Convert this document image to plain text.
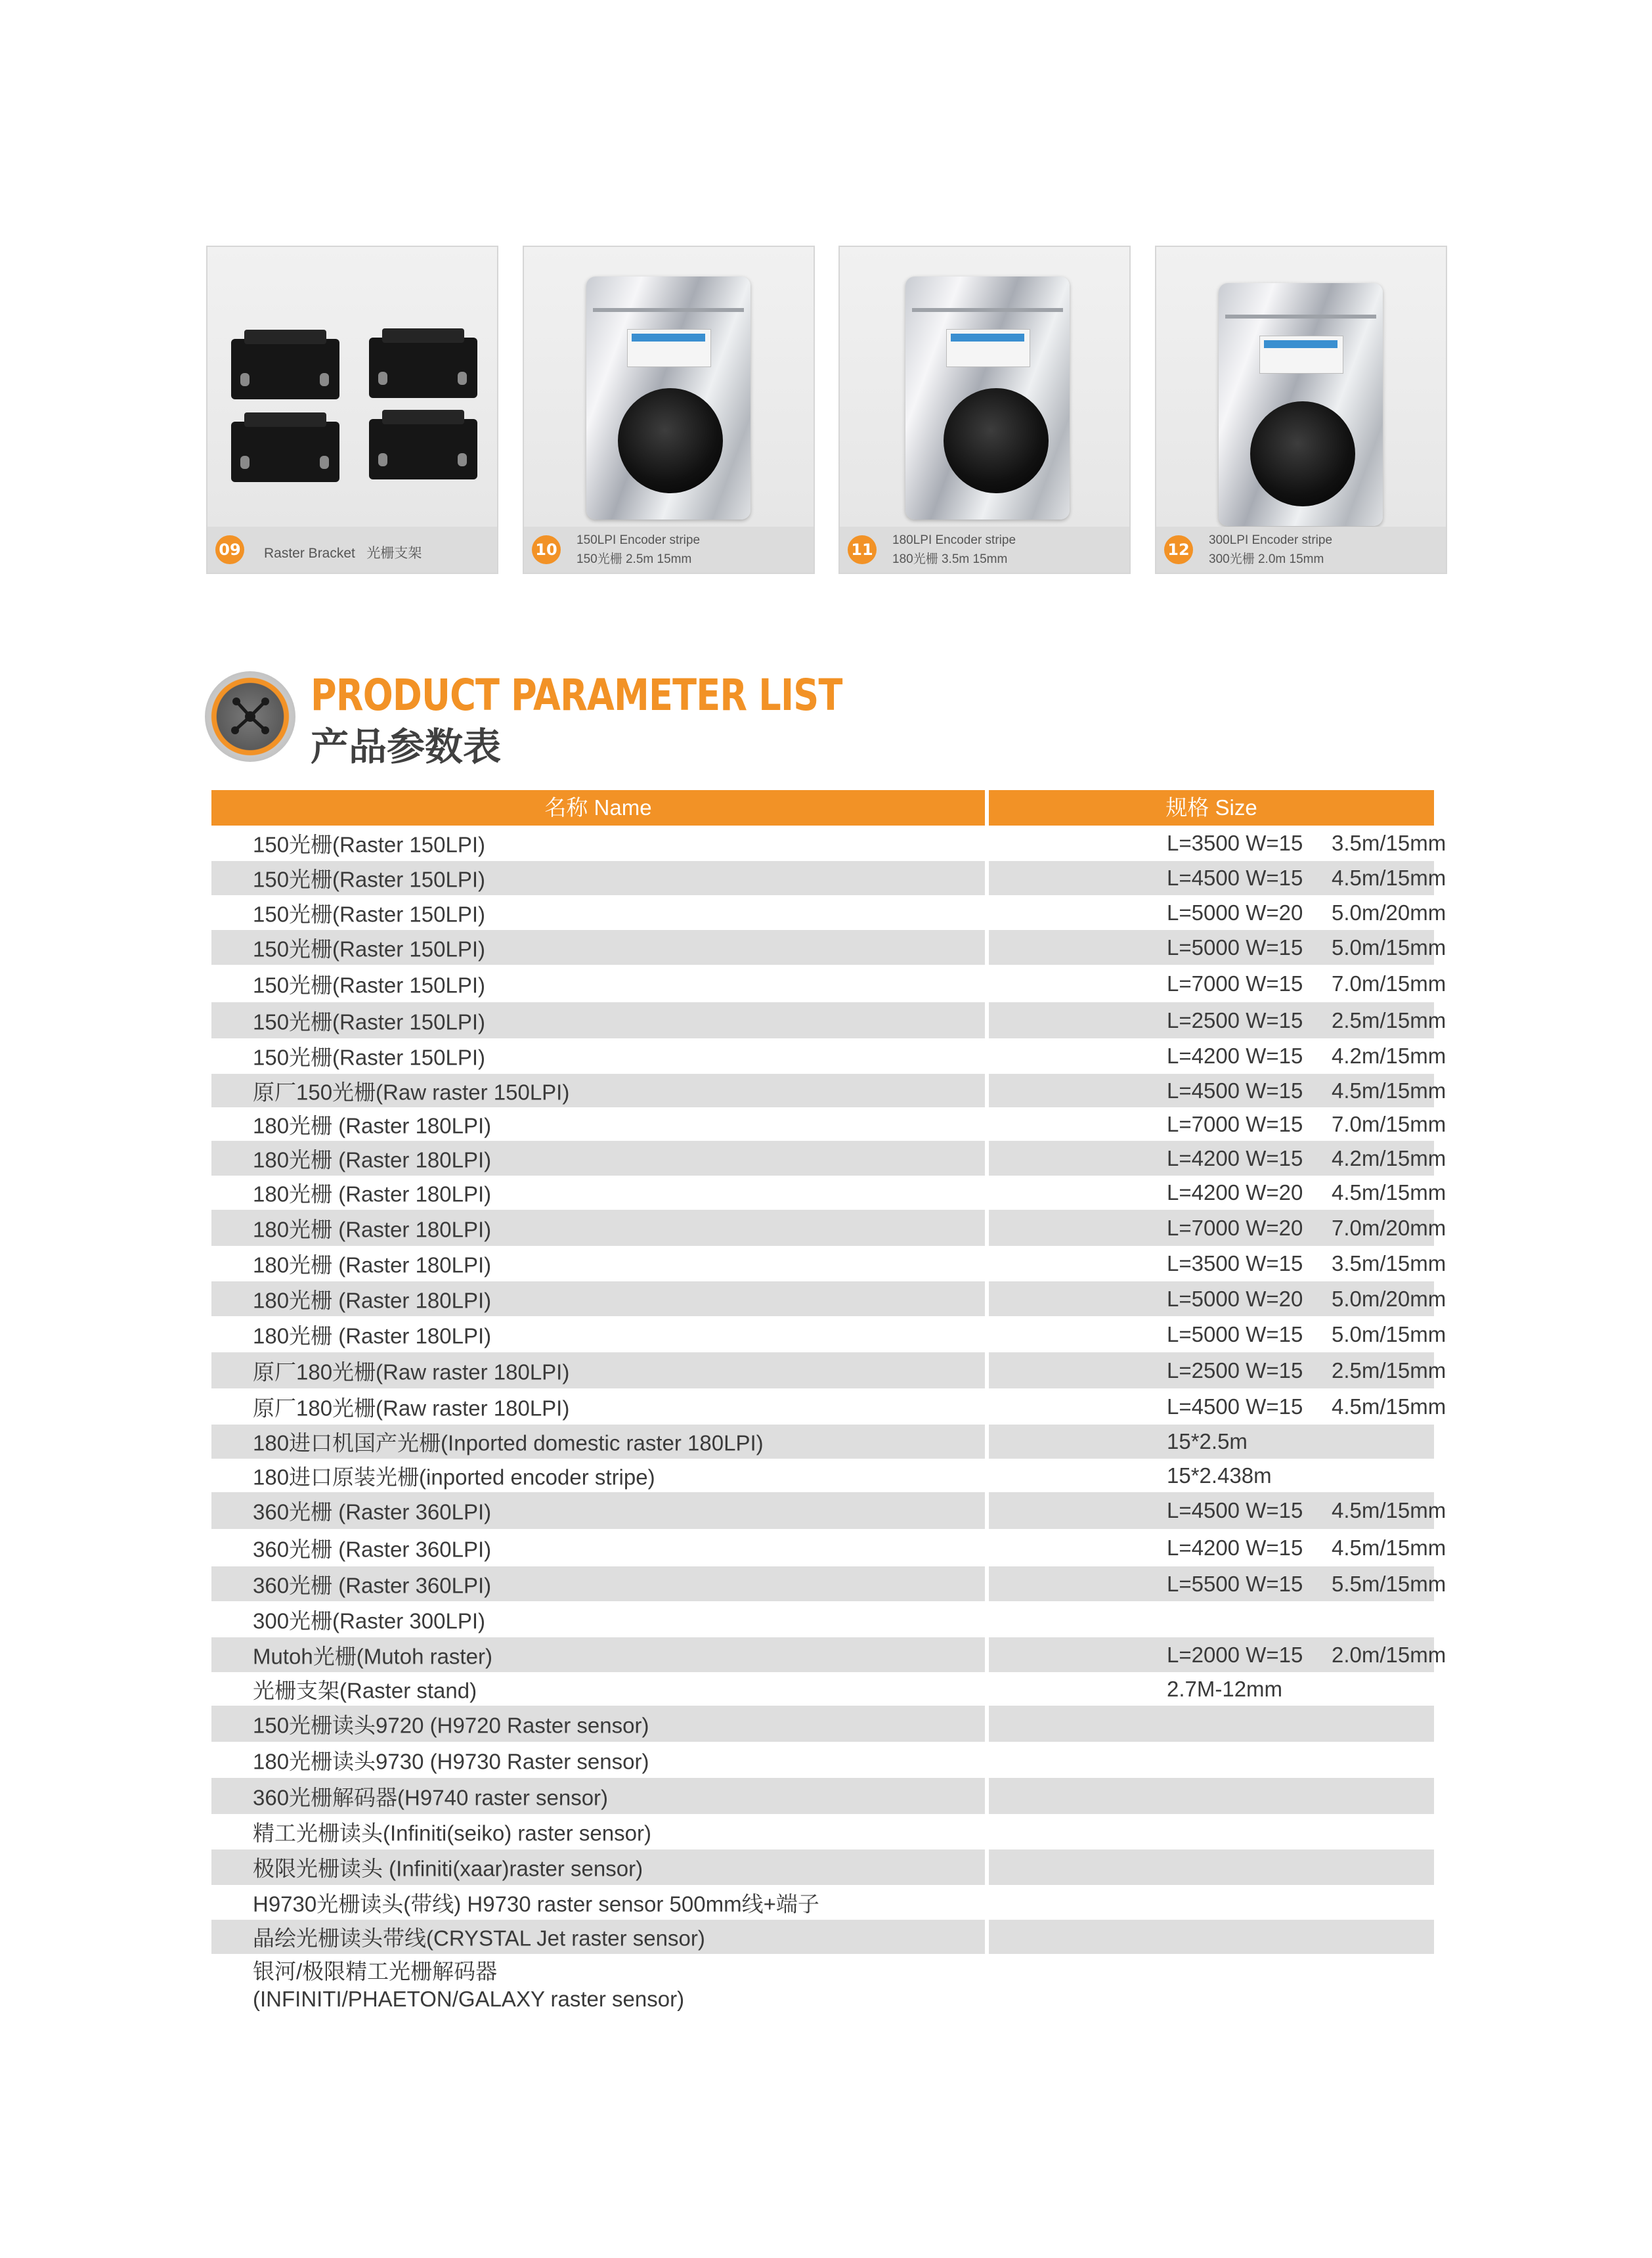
09 Raster Bracket 光栅支架	10
150LPI Encoder stripe
150光栅 2.5m 15mm
11
180LPI Encoder stripe
180光栅 3.5m 15mm
12
300LPI Encoder stripe
300光栅 2.0m 15mm
PRODUCT PARAMETER LIST
产品参数表
名称 Name	规格 Size
150光栅(Raster 150LPI)	L=3500 W=15 3.5m/15mm
150光栅(Raster 150LPI)	L=4500 W=15 4.5m/15mm
150光栅(Raster 150LPI)	L=5000 W=20 5.0m/20mm
150光栅(Raster 150LPI)	L=5000 W=15 5.0m/15mm
150光栅(Raster 150LPI)	L=7000 W=15 7.0m/15mm
150光栅(Raster 150LPI)	L=2500 W=15 2.5m/15mm
150光栅(Raster 150LPI)	L=4200 W=15 4.2m/15mm
原厂150光栅(Raw raster 150LPI)	L=4500 W=15 4.5m/15mm
180光栅 (Raster 180LPI)	L=7000 W=15 7.0m/15mm
180光栅 (Raster 180LPI)	L=4200 W=15 4.2m/15mm
180光栅 (Raster 180LPI)	L=4200 W=20 4.5m/15mm
180光栅 (Raster 180LPI)	L=7000 W=20 7.0m/20mm
180光栅 (Raster 180LPI)	L=3500 W=15 3.5m/15mm
180光栅 (Raster 180LPI)	L=5000 W=20 5.0m/20mm
180光栅 (Raster 180LPI)	L=5000 W=15 5.0m/15mm
原厂180光栅(Raw raster 180LPI)	L=2500 W=15 2.5m/15mm
原厂180光栅(Raw raster 180LPI)	L=4500 W=15 4.5m/15mm
180进口机国产光栅(Inported domestic raster 180LPI)	15*2.5m
180进口原装光栅(inported encoder stripe)	15*2.438m
360光栅 (Raster 360LPI)	L=4500 W=15 4.5m/15mm
360光栅 (Raster 360LPI)	L=4200 W=15 4.5m/15mm
360光栅 (Raster 360LPI)	L=5500 W=15 5.5m/15mm
300光栅(Raster 300LPI)
Mutoh光栅(Mutoh raster)	L=2000 W=15 2.0m/15mm
光栅支架(Raster stand)	2.7M-12mm
150光栅读头9720 (H9720 Raster sensor)
180光栅读头9730 (H9730 Raster sensor)
360光栅解码器(H9740 raster sensor)
精工光栅读头(Infiniti(seiko) raster sensor)
极限光栅读头 (Infiniti(xaar)raster sensor)
H9730光栅读头(带线) H9730 raster sensor 500mm线+端子
晶绘光栅读头带线(CRYSTAL Jet raster sensor)
银河/极限精工光栅解码器
(INFINITI/PHAETON/GALAXY raster sensor)
